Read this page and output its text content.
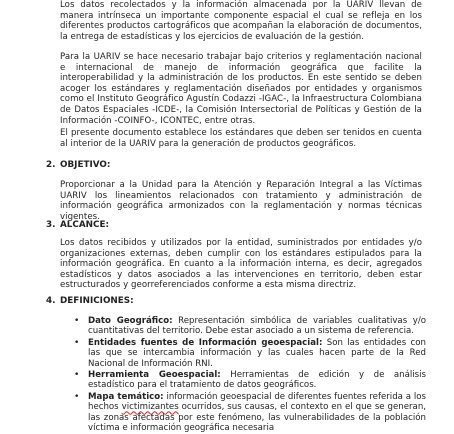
Los datos recolectados y la información almacenada por la UARIV llevan de manera intrínseca un importante componente espacial el cual se refleja en los diferentes productos cartográficos que acompañan la elaboración de documentos, la entrega de estadísticas y los ejercicios de evaluación de la gestión.

Para la UARIV se hace necesario trabajar bajo criterios y reglamentación nacional e internacional de manejo de información geográfica que facilite la interoperabilidad y la administración de los productos. En este sentido se deben acoger los estándares y reglamentación diseñados por entidades y organismos como el Instituto Geográfico Agustín Codazzi -IGAC-, la Infraestructura Colombiana de Datos Espaciales -ICDE-, la Comisión Intersectorial de Políticas y Gestión de la Información -COINFO-, ICONTEC, entre otras.

El presente documento establece los estándares que deben ser tenidos en cuenta al interior de la UARIV para la generación de productos geográficos.

2. OBJETIVO:

Proporcionar a la Unidad para la Atención y Reparación Integral a las Víctimas UARIV los lineamientos relacionados con tratamiento y administración de información geográfica armonizados con la reglamentación y normas técnicas vigentes.

3. ALCANCE:

Los datos recibidos y utilizados por la entidad, suministrados por entidades y/o organizaciones externas, deben cumplir con los estándares estipulados para la información geográfica. En cuanto a la información interna, es decir, agregados estadísticos y datos asociados a las intervenciones en territorio, deben estar estructurados y georreferenciados conforme a esta misma directriz.

4. DEFINICIONES:
• Dato Geográfico: Representación simbólica de variables cualitativas y/o cuantitativas del territorio. Debe estar asociado a un sistema de referencia.
• Entidades fuentes de Información geoespacial: Son las entidades con las que se intercambia información y las cuales hacen parte de la Red Nacional de Información RNI.
• Herramienta Geoespacial: Herramientas de edición y de análisis estadístico para el tratamiento de datos geográficos.
• Mapa temático: información geoespacial de diferentes fuentes referida a los hechos victimizantes ocurridos, sus causas, el contexto en el que se generan, las zonas afectadas por este fenómeno, las vulnerabilidades de la población víctima e información geográfica necesaria
